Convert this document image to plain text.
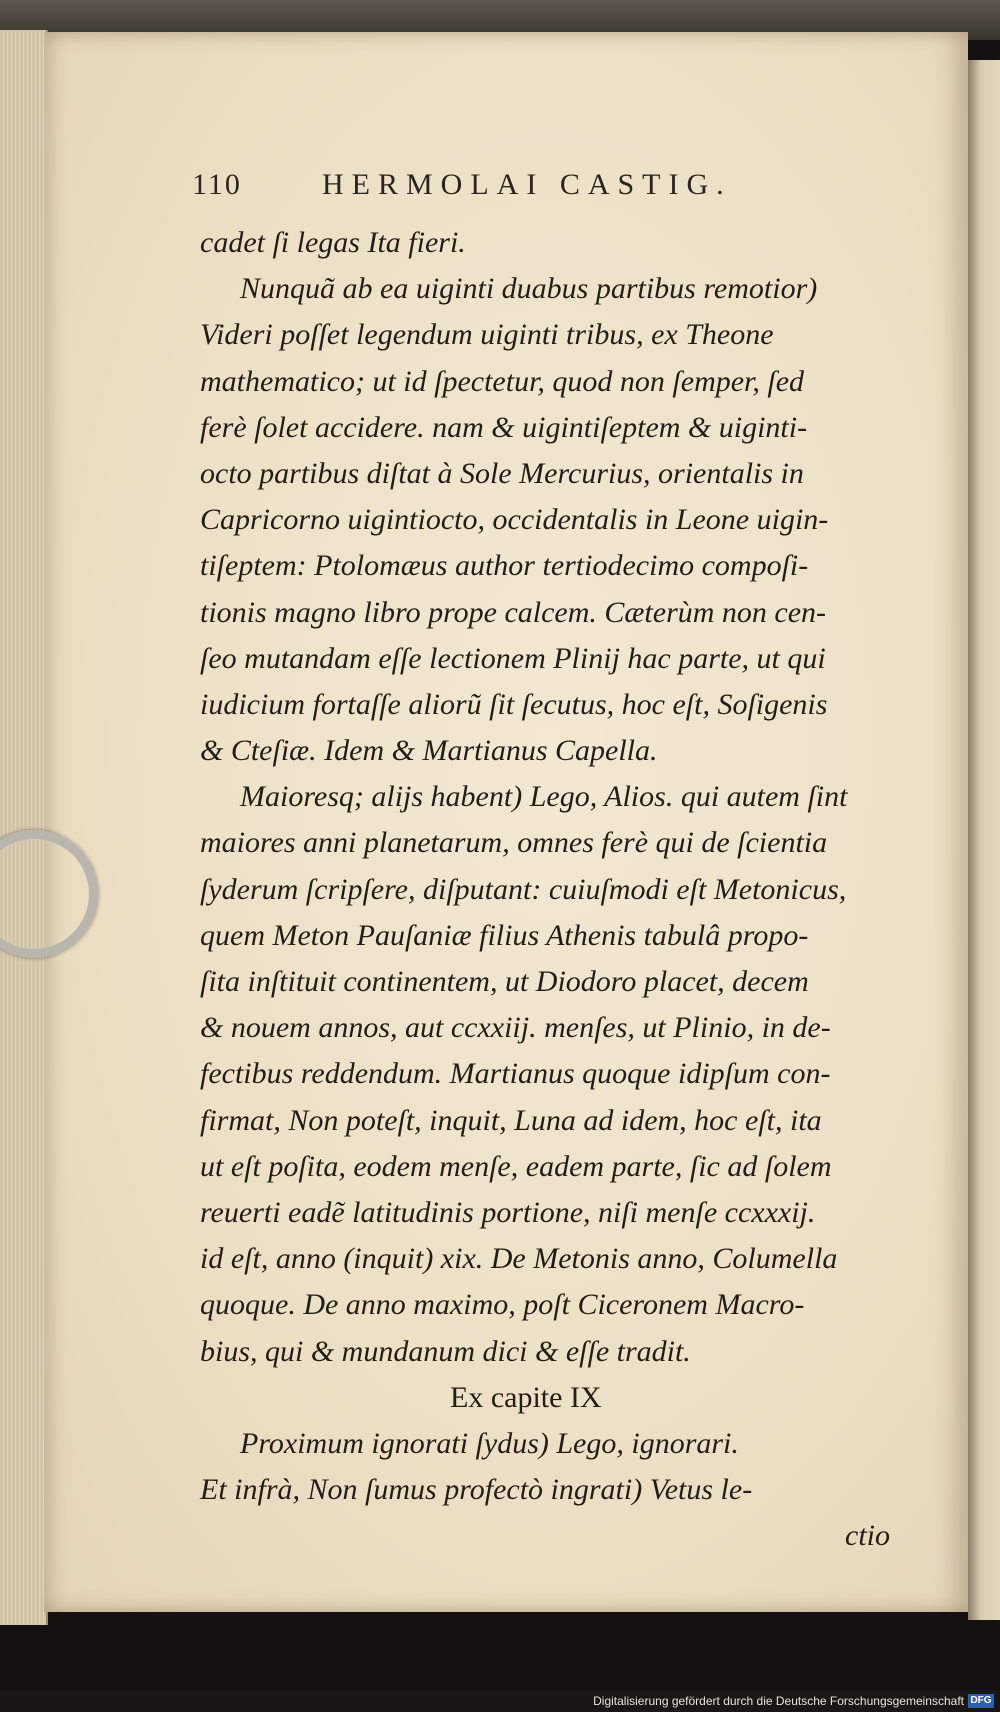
110	HERMOLAI CASTIG.
cadet ſi legas Ita fieri.
Nunquã ab ea uiginti duabus partibus remotior)
Videri poſſet legendum uiginti tribus, ex Theone
mathematico; ut id ſpectetur, quod non ſemper, ſed
ferè ſolet accidere. nam & uigintiſeptem & uiginti-
octo partibus diſtat à Sole Mercurius, orientalis in
Capricorno uigintiocto, occidentalis in Leone uigin-
tiſeptem: Ptolomæus author tertiodecimo compoſi-
tionis magno libro prope calcem. Cæterùm non cen-
ſeo mutandam eſſe lectionem Plinij hac parte, ut qui
iudicium fortaſſe aliorũ ſit ſecutus, hoc eſt, Soſigenis
& Cteſiæ. Idem & Martianus Capella.
Maioresq; alijs habent) Lego, Alios. qui autem ſint
maiores anni planetarum, omnes ferè qui de ſcientia
ſyderum ſcripſere, diſputant: cuiuſmodi eſt Metonicus,
quem Meton Pauſaniæ filius Athenis tabulâ propo-
ſita inſtituit continentem, ut Diodoro placet, decem
& nouem annos, aut ccxxiij. menſes, ut Plinio, in de-
fectibus reddendum. Martianus quoque idipſum con-
firmat, Non poteſt, inquit, Luna ad idem, hoc eſt, ita
ut eſt poſita, eodem menſe, eadem parte, ſic ad ſolem
reuerti eadẽ latitudinis portione, niſi menſe ccxxxij.
id eſt, anno (inquit) xix. De Metonis anno, Columella
quoque. De anno maximo, poſt Ciceronem Macro-
bius, qui & mundanum dici & eſſe tradit.
Ex capite IX
Proximum ignorati ſydus) Lego, ignorari.
Et infrà, Non ſumus profectò ingrati) Vetus le-
ctio
Digitalisierung gefördert durch die Deutsche Forschungsgemeinschaft DFG
